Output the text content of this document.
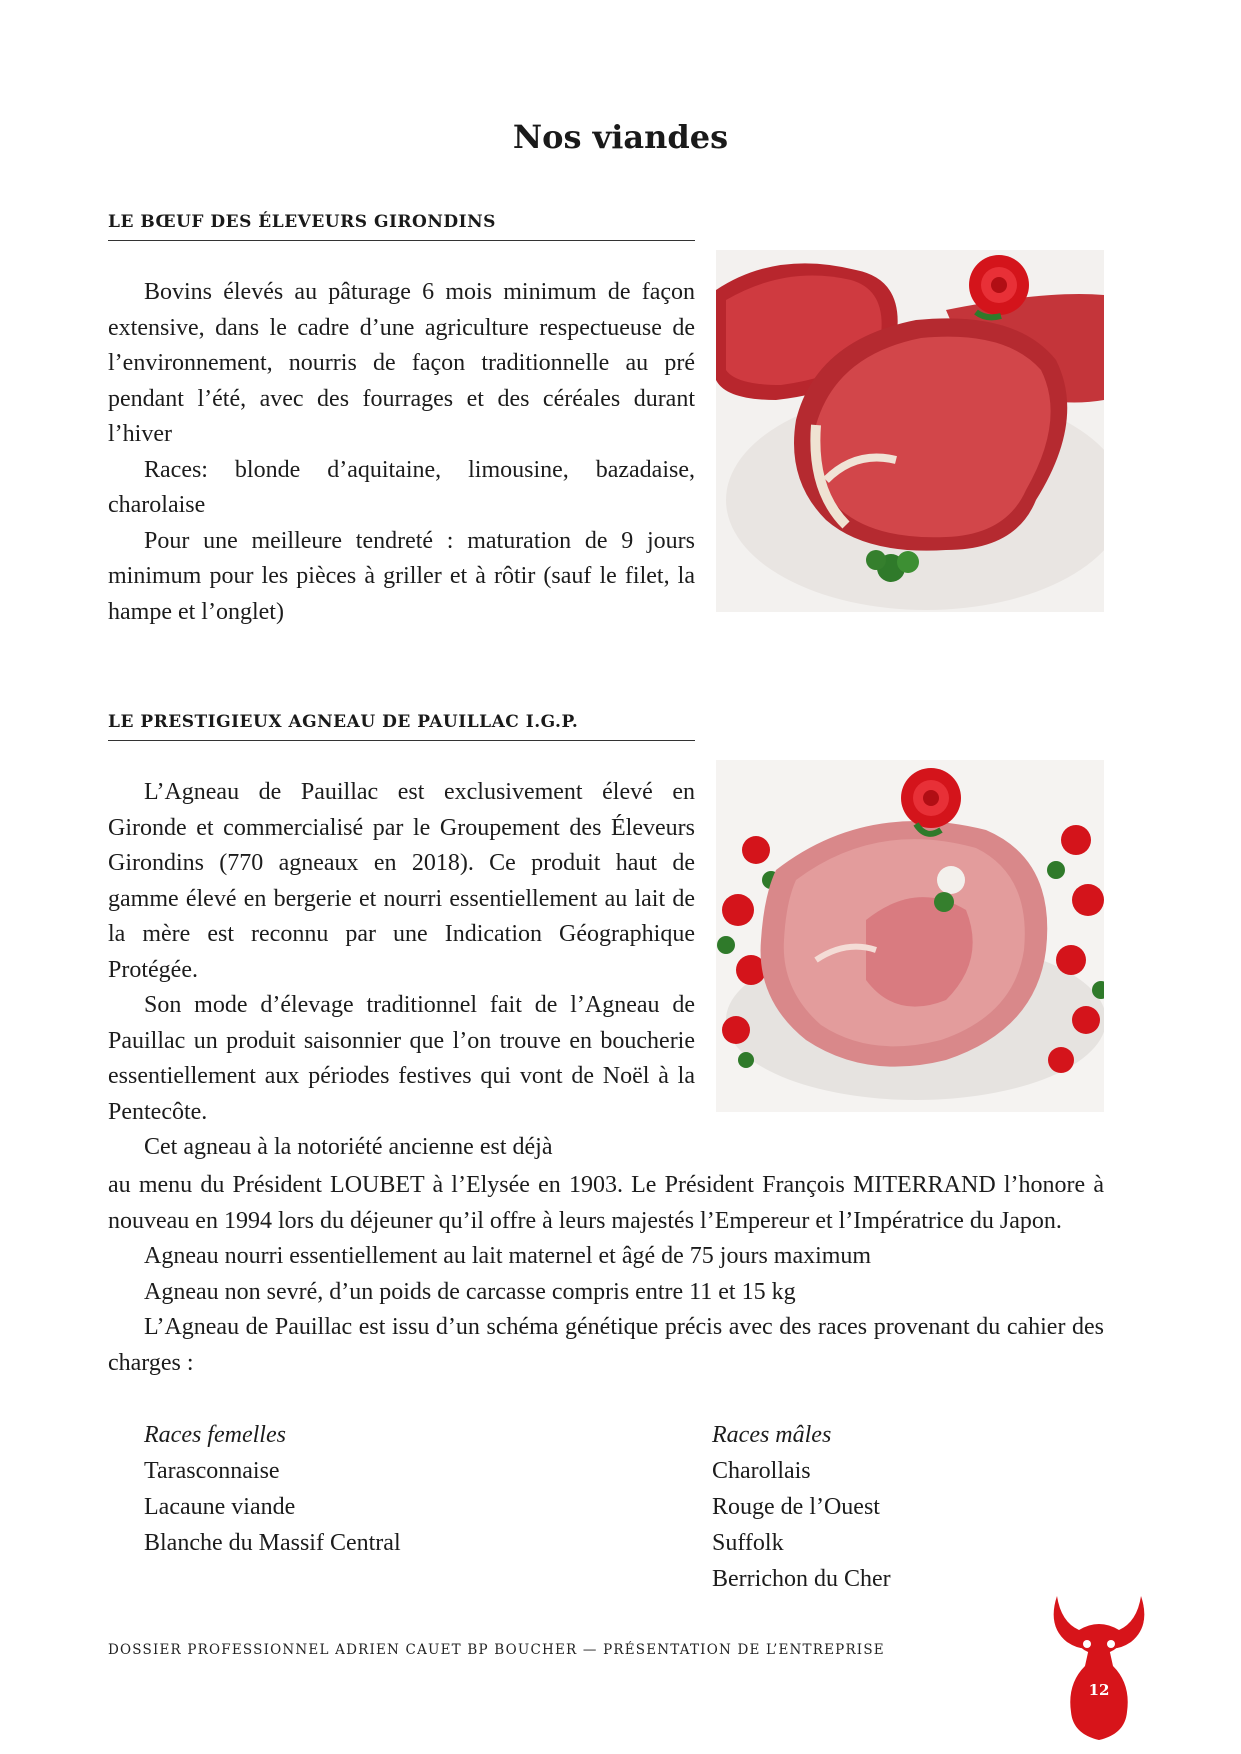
Nos viandes
LE BŒUF DES ÉLEVEURS GIRONDINS

Bovins élevés au pâturage 6 mois minimum de façon extensive, dans le cadre d’une agriculture respectueuse de l’environnement, nourris de façon traditionnelle au pré pendant l’été, avec des fourrages et des céréales durant l’hiver

Races: blonde d’aquitaine, limousine, bazadaise, charolaise

Pour une meilleure tendreté : maturation de 9 jours minimum pour les pièces à griller et à rôtir (sauf le filet, la hampe et l’onglet)

LE PRESTIGIEUX AGNEAU DE PAUILLAC I.G.P.

L’Agneau de Pauillac est exclusivement élevé en Gironde et commercialisé par le Groupement des Éleveurs Girondins (770 agneaux en 2018). Ce produit haut de gamme élevé en bergerie et nourri essentiellement au lait de la mère est reconnu par une Indication Géographique Protégée.

Son mode d’élevage traditionnel fait de l’Agneau de Pauillac un produit saisonnier que l’on trouve en boucherie essentiellement aux périodes festives qui vont de Noël à la Pentecôte.

Cet agneau à la notoriété ancienne est déjà

au menu du Président LOUBET à l’Elysée en 1903. Le Président François MITERRAND l’honore à nouveau en 1994 lors du déjeuner qu’il offre à leurs majestés l’Empereur et l’Impératrice du Japon.

Agneau nourri essentiellement au lait maternel et âgé de 75 jours maximum

Agneau non sevré, d’un poids de carcasse compris entre 11 et 15 kg

L’Agneau de Pauillac est issu d’un schéma génétique précis avec des races provenant du cahier des charges :

Races femelles
Tarasconnaise
Lacaune viande
Blanche du Massif Central
Races mâles
Charollais
Rouge de l’Ouest
Suffolk
Berrichon du Cher
DOSSIER PROFESSIONNEL ADRIEN CAUET BP BOUCHER — PRÉSENTATION DE L’ENTREPRISE
12
